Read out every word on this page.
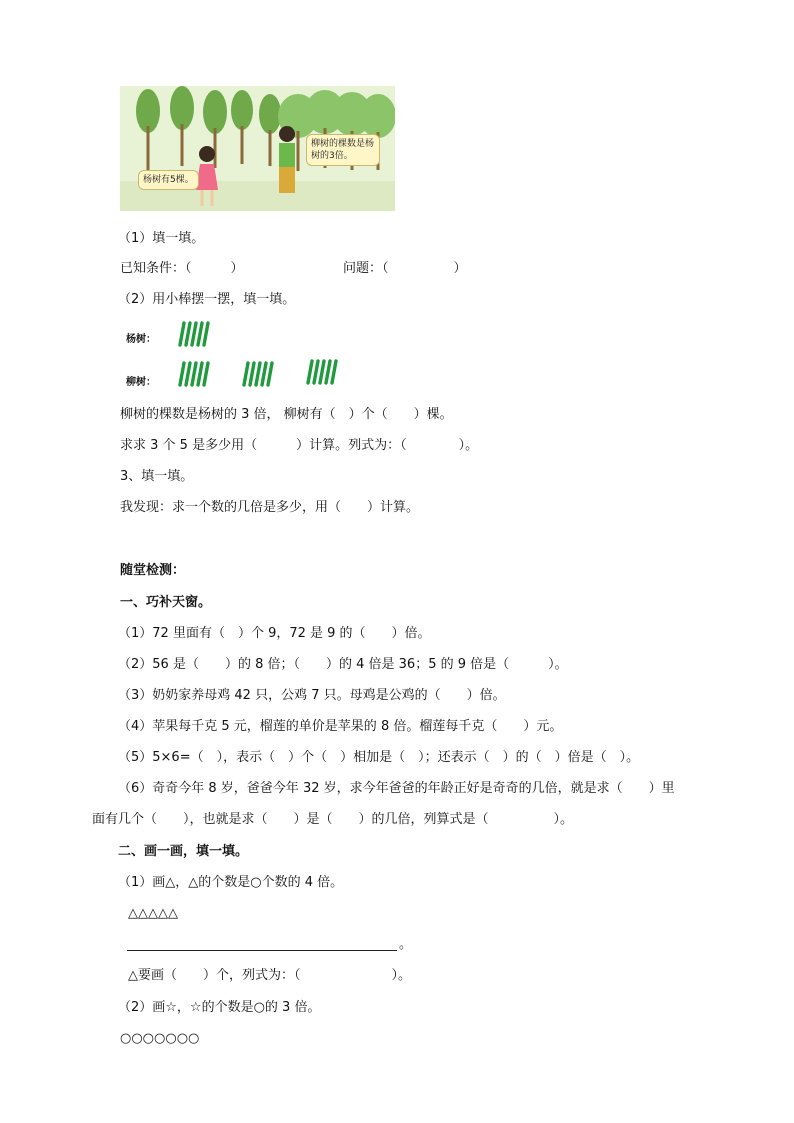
杨树有5棵。
柳树的棵数是杨树的3倍。
（1）填一填。
已知条件：（　　　）	问题：（　　　　　）
（2）用小棒摆一摆，填一填。
杨树：
柳树：
柳树的棵数是杨树的 3 倍， 柳树有（　）个（　　）棵。
求求 3 个 5 是多少用（　　　）计算。列式为：（　　　　）。
3、填一填。
我发现：求一个数的几倍是多少，用（　　）计算。
随堂检测：
一、巧补天窗。
（1）72 里面有（　）个 9，72 是 9 的（　　）倍。
（2）56 是（　　）的 8 倍；（　　）的 4 倍是 36；5 的 9 倍是（　　　）。
（3）奶奶家养母鸡 42 只，公鸡 7 只。母鸡是公鸡的（　　）倍。
（4）苹果每千克 5 元，榴莲的单价是苹果的 8 倍。榴莲每千克（　　）元。
（5）5×6=（　），表示（　）个（　）相加是（　）；还表示（　）的（　）倍是（　）。
（6）奇奇今年 8 岁，爸爸今年 32 岁，求今年爸爸的年龄正好是奇奇的几倍，就是求（　　）里
面有几个（　　），也就是求（　　）是（　　）的几倍，列算式是（　　　　　）。
二、画一画，填一填。
（1）画△，△的个数是○个数的 4 倍。
△△△△△
。
△要画（　　）个，列式为：（　　　　　　　）。
（2）画☆，☆的个数是○的 3 倍。
○○○○○○○
